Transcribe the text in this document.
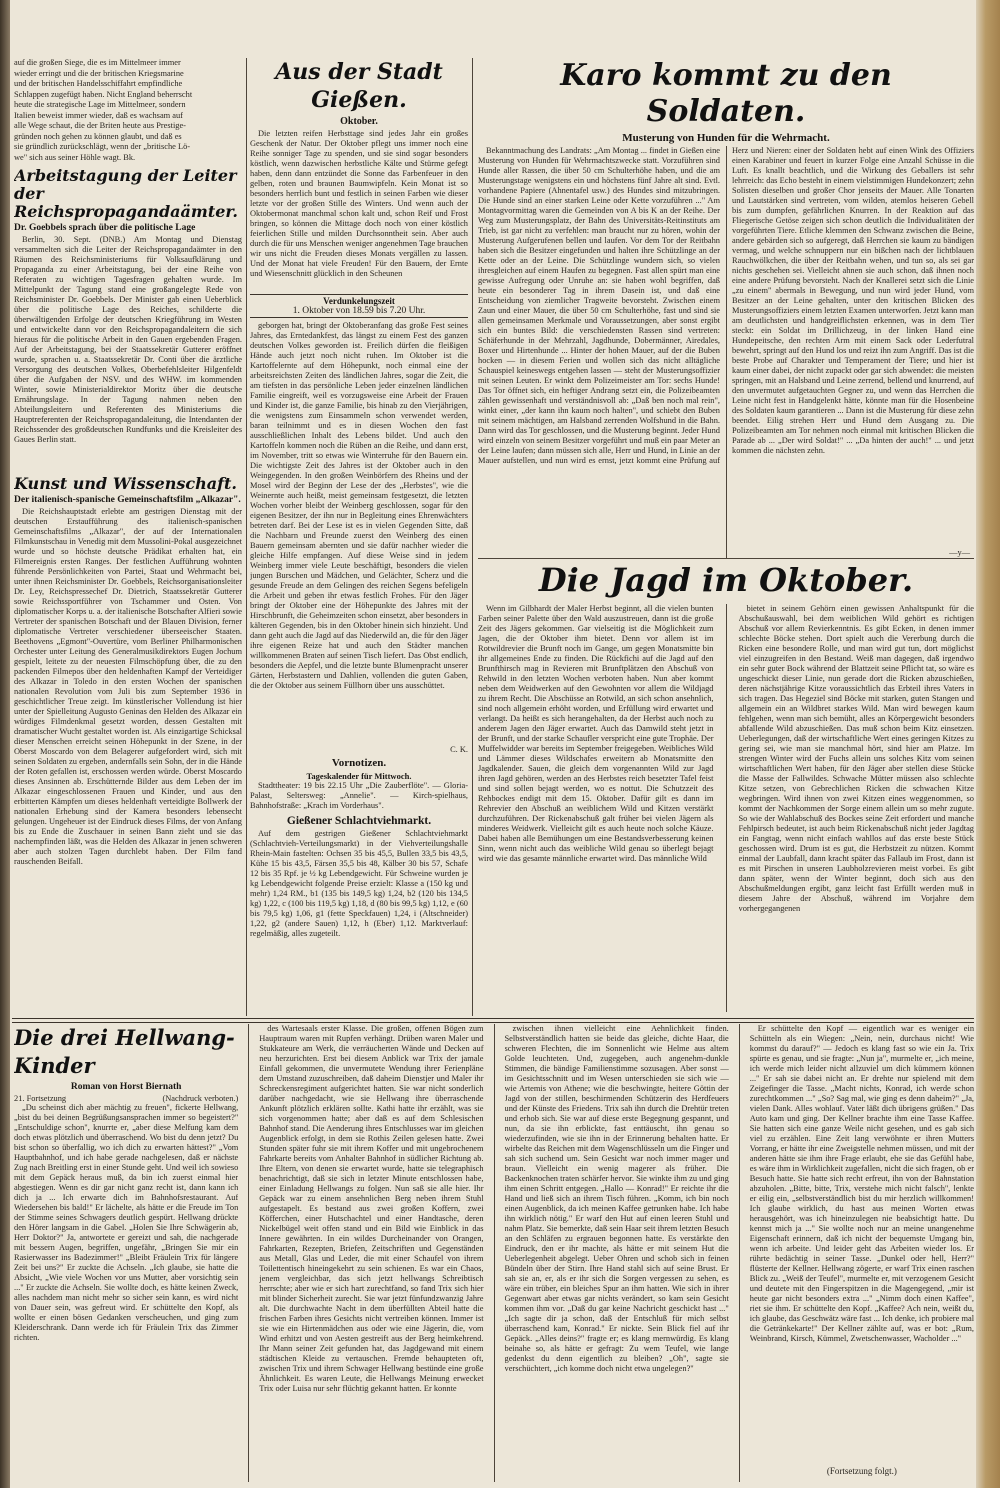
auf die großen Siege, die es im Mittelmeer immer
wieder erringt und die der britischen Kriegsmarine
und der britischen Handelsschiffahrt empfindliche
Schlappen zugefügt haben. Nicht England beherrscht
heute die strategische Lage im Mittelmeer, sondern
Italien beweist immer wieder, daß es wachsam auf
alle Wege schaut, die der Briten heute aus Prestige-
gründen noch gehen zu können glaubt, und daß es
sie gründlich zurückschlägt, wenn der „britische Lö-
we" sich aus seiner Höhle wagt. Bk.
Arbeitstagung der Leiter der Reichspropagandaämter.
Dr. Goebbels sprach über die politische Lage

Berlin, 30. Sept. (DNB.) Am Montag und Dienstag versammelten sich die Leiter der Reichspropagandaämter in den Räumen des Reichsministeriums für Volksaufklärung und Propaganda zu einer Arbeitstagung, bei der eine Reihe von Referaten zu wichtigen Tagesfragen gehalten wurde. Im Mittelpunkt der Tagung stand eine großangelegte Rede von Reichsminister Dr. Goebbels. Der Minister gab einen Ueberblick über die politische Lage des Reiches, schilderte die überwältigenden Erfolge der deutschen Kriegführung im Westen und entwickelte dann vor den Reichspropagandaleitern die sich hieraus für die politische Arbeit in den Gauen ergebenden Fragen. Auf der Arbeitstagung, bei der Staatssekretär Gutterer eröffnet wurde, sprachen u. a. Staatssekretär Dr. Conti über die ärztliche Versorgung des deutschen Volkes, Oberbefehlsleiter Hilgenfeldt über die Aufgaben der NSV. und des WHW. im kommenden Winter, sowie Ministerialdirektor Moritz über die deutsche Ernährungslage. In der Tagung nahmen neben den Abteilungsleitern und Referenten des Ministeriums die Hauptreferenten der Reichspropagandaleitung, die Intendanten der Reichssender des großdeutschen Rundfunks und die Kreisleiter des Gaues Berlin statt.

Kunst und Wissenschaft.
Der italienisch-spanische Gemeinschaftsfilm „Alkazar".

Die Reichshauptstadt erlebte am gestrigen Dienstag mit der deutschen Erstaufführung des italienisch-spanischen Gemeinschaftsfilms „Alkazar", der auf der Internationalen Filmkunstschau in Venedig mit dem Mussolini-Pokal ausgezeichnet wurde und so höchste deutsche Prädikat erhalten hat, ein Filmereignis ersten Ranges. Der festlichen Aufführung wohnten führende Persönlichkeiten von Partei, Staat und Wehrmacht bei, unter ihnen Reichsminister Dr. Goebbels, Reichsorganisationsleiter Dr. Ley, Reichspressechef Dr. Dietrich, Staatssekretär Gutterer sowie Reichssportführer von Tschammer und Osten. Von diplomatischer Korps u. a. der italienische Botschafter Alfieri sowie Vertreter der spanischen Botschaft und der Blauen Division, ferner diplomatische Vertreter verschiedener überseeischer Staaten. Beethovens „Egmont"-Ouvertüre, vom Berliner Philharmonischen Orchester unter Leitung des Generalmusikdirektors Eugen Jochum gespielt, leitete zu der neuesten Filmschöpfung über, die zu den packenden Filmepos über den heldenhaften Kampf der Verteidiger des Alkazar in Toledo in den ersten Wochen der spanischen nationalen Revolution vom Juli bis zum September 1936 in geschichtlicher Treue zeigt. Im künstlerischer Vollendung ist hier unter der Spielleitung Augusto Geninas den Helden des Alkazar ein würdiges Filmdenkmal gesetzt worden, dessen Gestalten mit dramatischer Wucht gestaltet worden ist. Als einzigartige Schicksal dieser Menschen erreicht seinen Höhepunkt in der Szene, in der Oberst Moscardo von dem Belagerer aufgefordert wird, sich mit seinen Soldaten zu ergeben, andernfalls sein Sohn, der in die Hände der Roten gefallen ist, erschossen werden würde. Oberst Moscardo dieses Ansinnen ab. Erschütternde Bilder aus dem Leben der im Alkazar eingeschlossenen Frauen und Kinder, und aus den erbitterten Kämpfen um dieses heldenhaft verteidigte Bollwerk der nationalen Erhebung sind der Kamera besonders lebensecht gelungen. Ungeheuer ist der Eindruck dieses Films, der von Anfang bis zu Ende die Zuschauer in seinen Bann zieht und sie das nachempfinden läßt, was die Helden des Alkazar in jenen schweren aber auch stolzen Tagen durchlebt haben. Der Film fand rauschenden Beifall.

Aus der Stadt Gießen.
Oktober.

Die letzten reifen Herbsttage sind jedes Jahr ein großes Geschenk der Natur. Der Oktober pflegt uns immer noch eine Reihe sonniger Tage zu spenden, und sie sind sogar besonders köstlich, wenn dazwischen herbstliche Kälte und Stürme gefegt haben, denn dann entzündet die Sonne das Farbenfeuer in den gelben, roten und braunen Baumwipfeln. Kein Monat ist so besonders herrlich bunt und festlich in seinen Farben wie dieser letzte vor der großen Stille des Winters. Und wenn auch der Oktobermonat manchmal schon kalt und, schon Reif und Frost bringen, so können die Mittage doch noch von einer köstlich feierlichen Stille und milden Durchsonntheit sein. Aber auch durch die für uns Menschen weniger angenehmen Tage brauchen wir uns nicht die Freuden dieses Monats vergällen zu lassen. Und der Monat hat viele Freuden! Für den Bauern, der Ernte und Wiesenschnitt glücklich in den Scheunen

Verdunkelungszeit
1. Oktober von 18.59 bis 7.20 Uhr.

geborgen hat, bringt der Oktoberanfang das große Fest seines Jahres, das Erntedankfest, das längst zu einem Fest des ganzen deutschen Volkes geworden ist. Freilich dürfen die fleißigen Hände auch jetzt noch nicht ruhen. Im Oktober ist die Kartoffelernte auf dem Höhepunkt, noch einmal eine der arbeitsreichsten Zeiten des ländlichen Jahres, sogar die Zeit, die am tiefsten in das persönliche Leben jeder einzelnen ländlichen Familie eingreift, weil es vorzugsweise eine Arbeit der Frauen und Kinder ist, die ganze Familie, bis hinab zu den Vierjährigen, die wenigstens zum Einsammeln schon verwendet werden, baran teilnimmt und es in diesen Wochen den fast ausschließlichen Inhalt des Lebens bildet. Und auch den Kartoffeln kommen noch die Rüben an die Reihe, und dann erst, im November, tritt so etwas wie Winterruhe für den Bauern ein. Die wichtigste Zeit des Jahres ist der Oktober auch in den Weingegenden. In den großen Weinbörfern des Rheins und der Mosel wird der Beginn der Lese der des „Herbstes", wie die Weinernte auch heißt, meist gemeinsam festgesetzt, die letzten Wochen vorher bleibt der Weinberg geschlossen, sogar für den eigenen Besitzer, der ihn nur in Begleitung eines Ehrenwächters betreten darf. Bei der Lese ist es in vielen Gegenden Sitte, daß die Nachbarn und Freunde zuerst den Weinberg des einen Bauern gemeinsam abernten und sie dafür nachher wieder die gleiche Hilfe empfangen. Auf diese Weise sind in jedem Weinberg immer viele Leute beschäftigt, besonders die vielen jungen Burschen und Mädchen, und Gelächter, Scherz und die gesunde Freude an dem Gelingen des reichen Segens befeligeln die Arbeit und geben ihr etwas festlich Frohes. Für den Jäger bringt der Oktober eine der Höhepunkte des Jahres mit der Hirschbrunft, die Geheimzeiten schon einsetzt, aber besonders in kälteren Gegenden, bis in den Oktober hinein sich hinzieht. Und dann geht auch die Jagd auf das Niederwild an, die für den Jäger ihre eigenen Reize hat und auch den Städter manchen willkommenen Braten auf seinen Tisch liefert. Das Obst endlich, besonders die Aepfel, und die letzte bunte Blumenpracht unserer Gärten, Herbstastern und Dahlien, vollenden die guten Gaben, die der Oktober aus seinem Füllhorn über uns ausschüttet.

C. K.
Vornotizen.
Tageskalender für Mittwoch.

Stadttheater: 19 bis 22.15 Uhr „Die Zauberflöte". — Gloria-Palast, Seltersweg: „Annelie". — Kirch-spielhaus, Bahnhofstraße: „Krach im Vorderhaus".

Gießener Schlachtviehmarkt.

Auf dem gestrigen Gießener Schlachtviehmarkt (Schlachtvieh-Verteilungsmarkt) in der Viehverteilungshalle Rhein-Main fastelten: Ochsen 35 bis 45,5, Bullen 33,5 bis 43,5, Kühe 15 bis 43,5, Färsen 35,5 bis 48, Kälber 30 bis 57, Schafe 12 bis 35 Rpf. je ½ kg Lebendgewicht. Für Schweine wurden je kg Lebendgewicht folgende Preise erzielt: Klasse a (150 kg und mehr) 1,24 RM., b1 (135 bis 149,5 kg) 1,24, b2 (120 bis 134,5 kg) 1,22, c (100 bis 119,5 kg) 1,18, d (80 bis 99,5 kg) 1,12, e (60 bis 79,5 kg) 1,06, g1 (fette Speckfauen) 1,24, i (Altschneider) 1,22, g2 (andere Sauen) 1,12, h (Eber) 1,12. Marktverlauf: regelmäßig, alles zugeteilt.

Karo kommt zu den Soldaten.
Musterung von Hunden für die Wehrmacht.

Bekanntmachung des Landrats: „Am Montag ... findet in Gießen eine Musterung von Hunden für Wehrmachtszwecke statt. Vorzuführen sind Hunde aller Rassen, die über 50 cm Schulterhöhe haben, und die am Musterungstage wenigstens ein und höchstens fünf Jahre alt sind. Evtl. vorhandene Papiere (Ahnentafel usw.) des Hundes sind mitzubringen. Die Hunde sind an einer starken Leine oder Kette vorzuführen ..." Am Montagvormittag waren die Gemeinden von A bis K an der Reihe. Der Weg zum Musterungsplatz, der Bahn des Universitäts-Reitinstituts am Trieb, ist gar nicht zu verfehlen: man braucht nur zu hören, wohin der Musterung Aufgerufenen bellen und laufen. Vor dem Tor der Reitbahn haben sich die Besitzer eingefunden und halten ihre Schützlinge an der Kette oder an der Leine. Die Schützlinge wundern sich, so vielen ihresgleichen auf einem Haufen zu begegnen. Fast allen spürt man eine gewisse Aufregung oder Unruhe an: sie haben wohl begriffen, daß heute ein besonderer Tag in ihrem Dasein ist, und daß eine Entscheidung von ziemlicher Tragweite bevorsteht. Zwischen einem Zaun und einer Mauer, die über 50 cm Schulterhöhe, fast und sind sie allen gemeinsamen Merkmale und Voraussetzungen, aber sonst ergibt sich ein buntes Bild: die verschiedensten Rassen sind vertreten: Schäferhunde in der Mehrzahl, Jagdhunde, Dobermänner, Airedales, Boxer und Hirtenhunde ... Hinter der hohen Mauer, auf der die Buben hocken — in diesem Ferien und wollen sich das nicht alltägliche Schauspiel keineswegs entgehen lassen — steht der Musterungsoffizier mit seinen Leuten. Er winkt dem Polizeimeister am Tor: sechs Hunde! Das Tor öffnet sich, ein heftiger Andrang setzt ein, die Polizeibeamten zählen gewissenhaft und verständnisvoll ab: „Daß ben noch mal rein", winkt einer, „der kann ihn kaum noch halten", und schiebt den Buben mit seinem mächtigen, am Halsband zerrenden Wolfshund in die Bahn. Dann wird das Tor geschlossen, und die Musterung beginnt. Jeder Hund wird einzeln von seinem Besitzer vorgeführt und muß ein paar Meter an der Leine laufen; dann müssen sich alle, Herr und Hund, in Linie an der Mauer aufstellen, und nun wird es ernst, jetzt kommt eine Prüfung auf Herz und Nieren: einer der Soldaten hebt auf einen Wink des Offiziers einen Karabiner und feuert in kurzer Folge eine Anzahl Schüsse in die Luft. Es knallt beachtlich, und die Wirkung des Geballers ist sehr lehrreich: das Echo besteht in einem vielstimmigen Hundekonzert; zehn Solisten dieselben und großer Chor jenseits der Mauer. Alle Tonarten und Lautstärken sind vertreten, vom wilden, atemlos heiseren Gebell bis zum dumpfen, gefährlichen Knurren. In der Reaktion auf das Fliegerische Getöse zeigen sich schon deutlich die Individualitäten der vorgeführten Tiere. Etliche klemmen den Schwanz zwischen die Beine, andere gebärden sich so aufgeregt, daß Herrchen sie kaum zu bändigen vermag, und welche schnuppern nur ein bißchen nach der lichtblauen Rauchwölkchen, die über der Reitbahn wehen, und tun so, als sei gar nichts geschehen sei. Vielleicht ahnen sie auch schon, daß ihnen noch eine andere Prüfung bevorsteht. Nach der Knallerei setzt sich die Linie „zu einem" abermals in Bewegung, und nun wird jeder Hund, vom Besitzer an der Leine gehalten, unter den kritischen Blicken des Musterungsoffiziers einem letzten Examen unterworfen. Jetzt kann man am deutlichsten und handgreiflichsten erkennen, was in dem Tier steckt: ein Soldat im Drillichzeug, in der linken Hand eine Hundepeitsche, den rechten Arm mit einem Sack oder Lederfutral bewehrt, springt auf den Hund los und reizt ihn zum Angriff. Das ist die beste Probe auf Charakter und Temperament der Tiere; und hier ist kaum einer dabei, der nicht zupackt oder gar sich abwendet: die meisten springen, mit an Halsband und Leine zerrend, bellend und knurrend, auf den unvermutet aufgetauchten Gegner zu, und wenn das Herrchen die Leine nicht fest in Handgelenkt hätte, könnte man für die Hosenbeine des Soldaten kaum garantieren ... Dann ist die Musterung für diese zehn beendet. Eilig strehen Herr und Hund dem Ausgang zu. Die Polizeibeamten am Tor nehmen noch einmal mit kritischen Blicken die Parade ab ... „Der wird Soldat!" ... „Da hinten der auch!" ... und jetzt kommen die nächsten zehn.

—y—
Die Jagd im Oktober.

Wenn im Gilbhardt der Maler Herbst beginnt, all die vielen bunten Farben seiner Palette über den Wald auszustreuen, dann ist die große Zeit des Jägers gekommen. Gar vielseitig ist die Möglichkeit zum Jagen, die der Oktober ihm bietet. Denn vor allem ist im Rotwildrevier die Brunft noch im Gange, um gegen Monatsmitte bin ihr allgemeines Ende zu finden. Die Rückfichi auf die Jagd auf den Brunfthirsch mag in Revieren mit Brunftplätzen den Abschuß von Rehwild in den letzten Wochen verboten haben. Nun aber kommt neben dem Weidwerken auf den Gewohnten vor allem die Wildjagd zu ihrem Recht. Die Abschüsse an Rotwild, an sich schon ansehnlich, sind noch allgemein erhöht worden, und Erfüllung wird erwartet und verlangt. Da heißt es sich herangehalten, da der Herbst auch noch zu anderem Jagen den Jäger erwartet. Auch das Damwild steht jetzt in der Brunft, und der starke Schaufler verspricht eine gute Trophäe. Der Muffelwidder war bereits im September freigegeben. Weibliches Wild und Lämmer dieses Wildschafes erweitern ab Monatsmitte den Jagdkalender. Sauen, die gleich dem vorgenannten Wild zur Jagd ihren Jagd gehören, werden an des Herbstes reich besetzter Tafel feist und sind sollen bejagt werden, wo es nottut. Die Schutzzeit des Rehbockes endigt mit dem 15. Oktober. Dafür gilt es dann im Rehrevier den Abschuß an weiblichem Wild und Kitzen verstärkt durchzuführen. Der Rickenabschuß galt früher bei vielen Jägern als minderes Weidwerk. Vielleicht gilt es auch heute noch solche Käuze. Dabei haben alle Bemühungen um eine Bestandsverbesserung keinen Sinn, wenn nicht auch das weibliche Wild genau so überlegt bejagt wird wie das gesamte männliche erwartet wird. Das männliche Wild

bietet in seinem Gehörn einen gewissen Anhaltspunkt für die Abschußauswahl, bei dem weiblichen Wild gehört es richtigen Abschuß vor allem Revierkenntnis. Es gibt Ecken, in denen immer schlechte Böcke stehen. Dort spielt auch die Vererbung durch die Ricken eine besondere Rolle, und man wird gut tun, dort möglichst viel einzugreifen in den Bestand. Weiß man dagegen, daß irgendwo ein sehr guter Bock während der Blattzeit seine Pflicht tat, so wäre es ungeschickt dieser Linie, nun gerade dort die Ricken abzuschießen, deren nächstjährige Kitze voraussichtlich das Erbteil ihres Vaters in sich tragen. Das Hegeziel sind Böcke mit starken, guten Stangen und allgemein ein an Wildbret starkes Wild. Man wird bewegen kaum fehlgehen, wenn man sich bemüht, alles an Körpergewicht besonders abfallende Wild abzuschießen. Das muß schon beim Kitz einsetzen. Ueberlegungen, daß der wirtschaftliche Wert eines geringen Kitzes zu gering sei, wie man sie manchmal hört, sind hier am Platze. Im strengen Winter wird der Fuchs allein uns solches Kitz vom seinen wirtschaftlichen Wert haben, für den Jäger aber stellen diese Stücke die Masse der Fallwildes. Schwache Mütter müssen also schlechte Kitze setzen, von Gebrechlichen Ricken die schwachen Kitze wegbringen. Wird ihnen von zwei Kitzen eines weggenommen, so kommt der Nachkommen der Sorge einem allein um so mehr zugute. So wie der Wahlabschuß des Bockes seine Zeit erfordert und manche Fehlpirsch bedeutet, ist auch beim Rickenabschuß nicht jeder Jagdtag ein Fangtag, wenn nicht einfach wahllos auf das erste beste Stück geschossen wird. Drum ist es gut, die Herbstzeit zu nützen. Kommt einmal der Laubfall, dann kracht später das Fallaub im Frost, dann ist es mit Pirschen in unseren Laubholzrevieren meist vorbei. Es gibt dann später, wenn der Winter beginnt, doch sich aus den Abschußmeldungen ergibt, ganz leicht fast Erfüllt werden muß in diesem Jahre der Abschuß, während im Vorjahre dem vorhergegangenen

Die drei Hellwang-Kinder
Roman von Horst Biernath
21. Fortsetzung	(Nachdruck verboten.)

„Du scheinst dich aber mächtig zu freuen", fickerte Hellwang, „bist du bei deinen Begrüßungsansprachen immer so begeistert?" „Entschuldige schon", knurrte er, „aber diese Melfung kam dem doch etwas plötzlich und überraschend. Wo bist du denn jetzt? Du bist schon so überfallig, wo ich dich zu erwarten hättest?" „Vom Hauptbahnhof, und ich habe gerade nachgelesen, daß er nächste Zug nach Breitling erst in einer Stunde geht. Und weil ich sowieso mit dem Gepäck heraus muß, da bin ich zuerst einmal hier abgestiegen. Wenn es dir gar nicht ganz recht ist, dann kann ich dich ja ... Ich erwarte dich im Bahnhofsrestaurant. Auf Wiedersehen bis bald!" Er lächelte, als hätte er die Freude im Ton der Stimme seines Schwagers deutlich gespürt. Hellwang drückte den Hörer langsam in die Gabel. „Holen Sie Ihre Schwägerin ab, Herr Doktor?" Ja, antwortete er gereizt und sah, die nachgerade mit bessern Augen, begriffen, ungefähr, „Bringen Sie mir ein Rasierwasser ins Badezimmer!" „Bleibt Fräulein Trix für längere Zeit bei uns?" Er zuckte die Achseln. „Ich glaube, sie hatte die Absicht, „Wie viele Wochen vor uns Mutter, aber vorsichtig sein ..." Er zuckte die Achseln. Sie wollte doch, es hätte keinen Zweck, alles nachdem man nicht mehr so sicher sein kann, es wird nicht von Dauer sein, was gefreut wird. Er schüttelte den Kopf, als wollte er einen bösen Gedanken verscheuchen, und ging zum Kleiderschrank. Dann werde ich für Fräulein Trix das Zimmer richten.

des Wartesaals erster Klasse. Die großen, offenen Bögen zum Hauptraum waren mit Rupfen verhängt. Drüben waren Maler und Stukkateure am Werk, die verräucherten Wände und Decken auf neu herzurichten. Erst bei diesem Anblick war Trix der jamale Einfall gekommen, die unvermutete Wendung ihrer Ferienpläne dem Umstand zuzuschreiben, daß daheim Dienstjer und Maler ihr Schreckensregiment aufgerichtet hatten. Sie war nicht sonderlich darüber nachgedacht, wie sie Hellwang ihre überraschende Ankunft plötzlich erklären sollte. Kathi hatte ihr erzählt, was sie sich vorgenommen hatte; aber daß es auf dem Schlesischen Bahnhof stand. Die Aenderung ihres Entschlusses war im gleichen Augenblick erfolgt, in dem sie Rothis Zeilen gelesen hatte. Zwei Stunden später fuhr sie mit ihrem Koffer und mit ungebrochenem Fahrkarte bereits vom Anhalter Bahnhof in südlicher Richtung ab. Ihre Eltern, von denen sie erwartet wurde, hatte sie telegraphisch benachrichtigt, daß sie sich in letzter Minute entschlossen habe, einer Einladung Hellwangs zu folgen. Nun saß sie alle hier. Ihr Gepäck war zu einem ansehnlichen Berg neben ihrem Stuhl aufgestapelt. Es bestand aus zwei großen Koffern, zwei Köfferchen, einer Hutschachtel und einer Handtasche, deren Nickelbügel weit offen stand und ein Bild wie Einblick in das Innere gewährten. In ein wildes Durcheinander von Orangen, Fahrkarten, Rezepten, Briefen, Zeitschriften und Gegenständen aus Metall, Glas und Leder, die mit einer Schaufel von ihrem Toilettentisch hineingekehrt zu sein schienen. Es war ein Chaos, jenem vergleichbar, das sich jetzt hellwangs Schreibtisch herrschte; aber wie er sich hart zurechtfand, so fand Trix sich hier mit blinder Sicherheit zurecht. Sie war jetzt fünfundzwanzig Jahre alt. Die durchwachte Nacht in dem überfüllten Abteil hatte die frischen Farben ihres Gesichts nicht vertreiben können. Immer ist sie wie ein Hirtenmädchen aus oder wie eine Jägerin, die, vom Wind erhitzt und von Aesten gestreift aus der Berg heimkehrend. Ihr Mann seiner Zeit gefunden hat, das Jagdgewand mit einem städtischen Kleide zu vertauschen. Fremde behaupteten oft, zwischen Trix und ihrem Schwager Hellwang bestünde eine große Ähnlichkeit. Es waren Leute, die Hellwangs Meinung erwecket Trix oder Luisa nur sehr flüchtig gekannt hatten. Er konnte

zwischen ihnen vielleicht eine Aehnlichkeit finden. Selbstverständlich hatten sie beide das gleiche, dichte Haar, die schweren Flechten, die im Sonnenlicht wie Helme aus altem Golde leuchteten. Und, zugegeben, auch angenehm-dunkle Stimmen, die bändige Familienstimme sozusagen. Aber sonst — im Gesichtsschnitt und im Wesen unterschieden sie sich wie — wie Artemis von Athene; wie die beschwingte, heitere Göttin der Jagd von der stillen, beschirmenden Schützerin des Herdfeuers und der Künste des Friedens. Trix sah ihn durch die Drehtür treten und erhob sich. Sie war auf diese erste Begegnung gespannt, und nun, da sie ihn erblickte, fast enttäuscht, ihn genau so wiederzufinden, wie sie ihn in der Erinnerung behalten hatte. Er wirbelte das Reichen mit dem Wagenschlüsseln um die Finger und sah sich suchend um. Sein Gesicht war noch immer mager und braun. Vielleicht ein wenig magerer als früher. Die Backenknochen traten schärfer hervor. Sie winkte ihm zu und ging ihm einen Schritt entgegen. „Hallo — Konrad!" Er reichte ihr die Hand und ließ sich an ihrem Tisch führen. „Komm, ich bin noch einen Augenblick, da ich meinen Kaffee getrunken habe. Ich habe ihn wirklich nötig." Er warf den Hut auf einen leeren Stuhl und nahm Platz. Sie bemerkte, daß sein Haar seit ihrem letzten Besuch an den Schläfen zu ergrauen begonnen hatte. Es verstärkte den Eindruck, den er ihr machte, als hätte er mit seinem Hut die Ueberlegenheit abgelegt. Ueber Ohren und schob sich in feinen Bündeln über der Stirn. Ihre Hand stahl sich auf seine Brust. Er sah sie an, er, als er ihr sich die Sorgen vergessen zu sehen, es wäre ein trüber, ein bleiches Spur an ihm hatten. Wie sich in ihrer Gegenwart aber etwas gar nichts verändert, so kam sein Gesicht kommen ihm vor. „Daß du gar keine Nachricht geschickt hast ..." „Ich sagte dir ja schon, daß der Entschluß für mich selbst überraschend kam, Konrad." Er nickte. Sein Blick fiel auf ihr Gepäck. „Alles deins?" fragte er; es klang mernwürdig. Es klang beinahe so, als hätte er gefragt: Zu wem Teufel, wie lange gedenkst du denn eigentlich zu bleiben? „Oh", sagte sie verschüchtert, „ich komme doch nicht etwa ungelegen?"

Er schüttelte den Kopf — eigentlich war es weniger ein Schütteln als ein Wiegen: „Nein, nein, durchaus nicht! Wie kommst du darauf?" — Jedoch es klang fast so wie ein Ja. Trix spürte es genau, und sie fragte: „Nun ja", murmelte er, „ich meine, ich werde mich leider nicht allzuviel um dich kümmern können ..." Er sah sie dabei nicht an. Er drehte nur spielend mit dem Zeigefinger die Tasse. „Macht nichts, Konrad, ich werde schon zurechtkommen ..." „So? Sag mal, wie ging es denn daheim?" „Ja, vielen Dank. Alles wohlauf. Vater läßt dich übrigens grüßen." Das Auto kam und ging. Der Kellner brachte ihm eine Tasse Kaffee. Sie hatten sich eine ganze Weile nicht gesehen, und es gab sich viel zu erzählen. Eine Zeit lang verwöhnte er ihren Mutters Vorrang, er hätte ihr eine Zweigstelle nehmen müssen, und mit der anderen hätte sie ihm ihre Frage erlaubt, ehe sie das Gefühl habe, es wäre ihm in Wirklichkeit zugefallen, nicht die sich fragen, ob er Besuch hatte. Sie hatte sich recht erfreut, ihn von der Bahnstation abzuholen. „Bitte, bitte, Trix, verstehe mich nicht falsch", lenkte er eilig ein, „selbstverständlich bist du mir herzlich willkommen! Ich glaube wirklich, du hast aus meinen Worten etwas herausgehört, was ich hineinzulegen nie beabsichtigt hatte. Du kennst mich ja ..." Sie wollte noch nur an meine unangenehme Eigenschaft erinnern, daß ich nicht der bequemste Umgang bin, wenn ich arbeite. Und leider geht das Arbeiten wieder los. Er rührte bedächtig in seiner Tasse. „Dunkel oder hell, Herr?" flüsterte der Kellner. Hellwang zögerte, er warf Trix einen raschen Blick zu. „Weiß der Teufel", murmelte er, mit verzogenem Gesicht und deutete mit den Fingerspitzen in die Magengegend, „mir ist heute gar nicht besonders extra ..." „Nimm doch einen Kaffee", riet sie ihm. Er schüttelte den Kopf. „Kaffee? Ach nein, weißt du, ich glaube, das Geschwätz wäre fast ... Ich denke, ich probiere mal die Getränkekarte!" Der Kellner zählte auf, was er bot: „Rum, Weinbrand, Kirsch, Kümmel, Zwetschenwasser, Wacholder ..."

(Fortsetzung folgt.)
